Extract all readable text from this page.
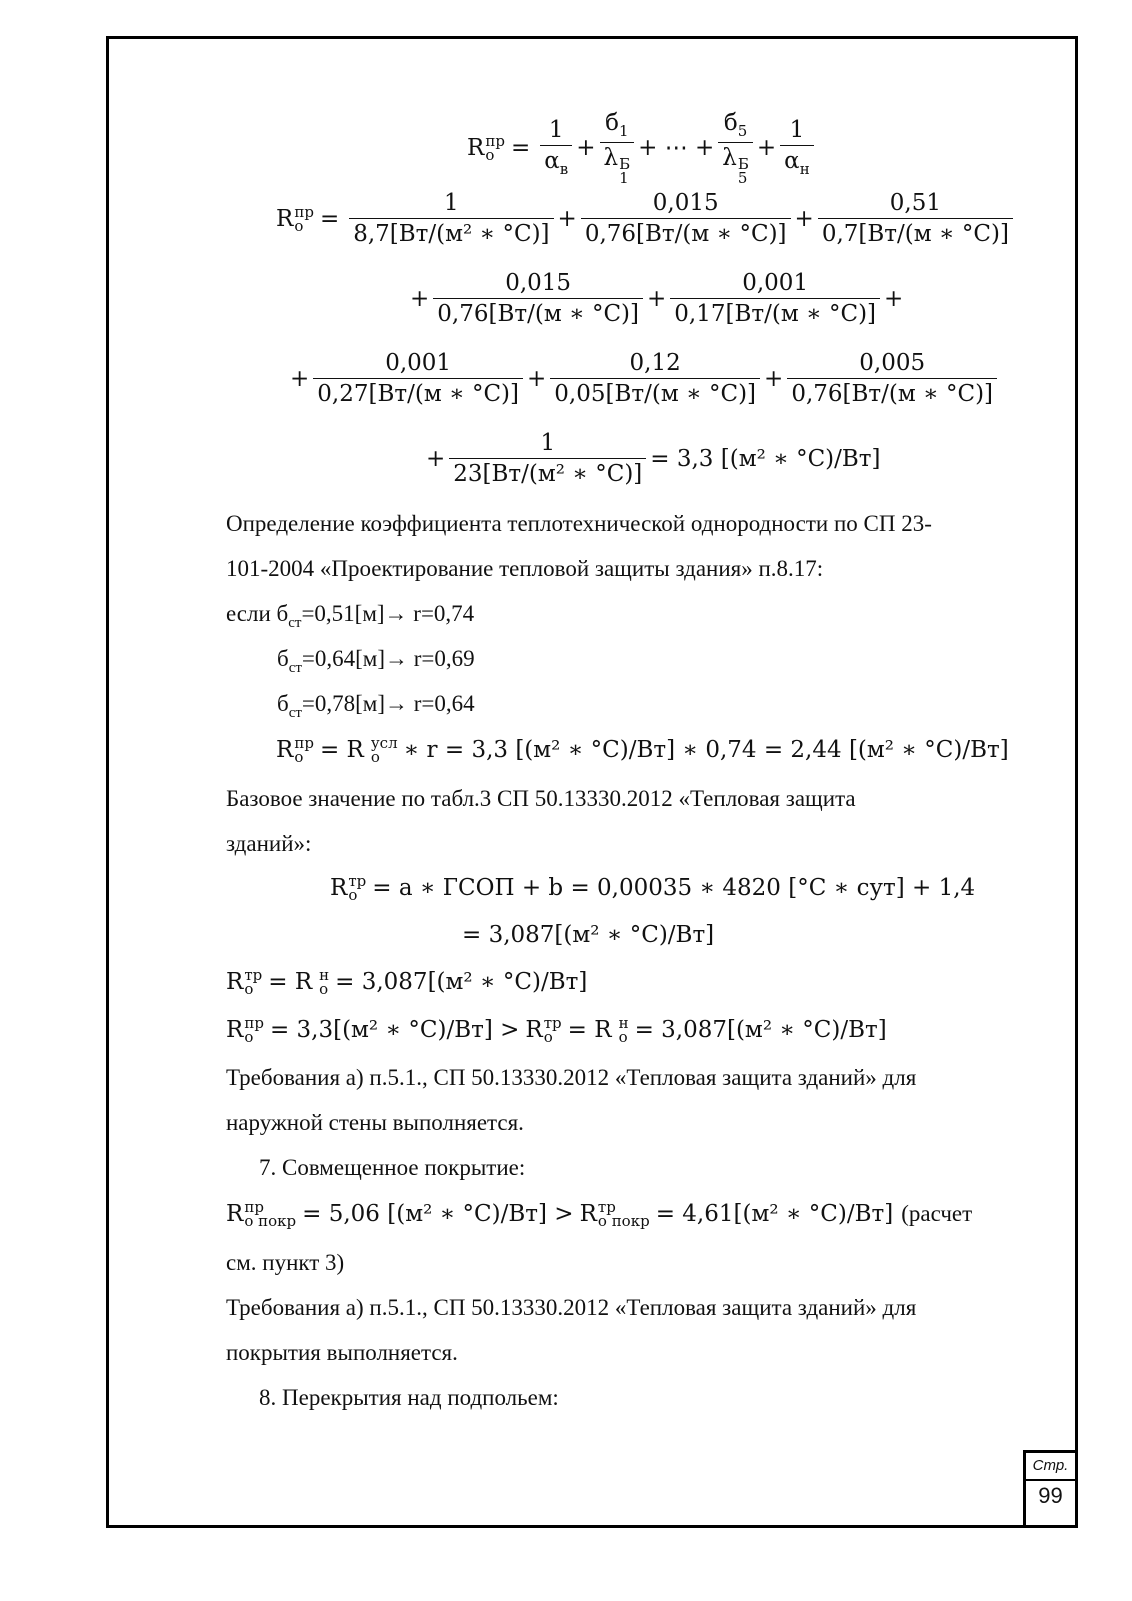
R пр
$о = \frac{1}{\alpha_в} + б_1$
λ Б
1 + ⋯ + $б_5$
λ Б
$5 + \frac{1}{\alpha_н}$
R пр
$о = \frac{1}{\text{8,7[Вт/(м² ∗ °С)]}} + \frac{0,015}{0,76[Вт/(м ∗ ^\circ С)]} + \frac{0,51}{0,7[Вт/(м ∗ ^\circ С)]}$
+ $\frac{0,015}{0,76[Вт/(м ∗ ^\circ С)]} + \frac{0,001}{0,17[Вт/(м ∗ ^\circ С)]}$ +
+ $\frac{0,001}{0,27[Вт/(м ∗ ^\circ С)]} + \frac{0,12}{0,05[Вт/(м ∗ ^\circ С)]} + \frac{0,005}{0,76[Вт/(м ∗ ^\circ С)]}$
+ $\frac{1}{\text{23[Вт/(м² ∗ °С)]}} = 3,3$ [(м² ∗ °С)/Вт]
Определение коэффициента теплотехнической однородности по СП 23-
101-2004 «Проектирование тепловой защиты здания» п.8.17:
если $б_{ст}=0,51[м]\to r=0,74$
$б_{ст}=0,64[м]\to r=0,69$
$б_{ст}=0,78[м]\to r=0,64$
R пр
о = R усл
о	∗ r = 3,3 [(м² ∗ °С)/Вт] ∗ 0,74 = 2,44 [(м² ∗ °С)/Вт]
Базовое значение по табл.3 СП 50.13330.2012 «Тепловая защита
зданий»:
R тр
о = a ∗ ГСОП + b = 0,00035 ∗ 4820 [°С ∗ сут] + 1,4
= 3,087[(м² ∗ °С)/Вт]
R тр
о = R н
о = 3,087[(м² ∗ °С)/Вт]
R пр
о = 3,3[(м² ∗ °С)/Вт] > R тр
о = R н
о = 3,087[(м² ∗ °С)/Вт]
Требования а) п.5.1., СП 50.13330.2012 «Тепловая защита зданий» для
наружной стены выполняется.
7. Совмещенное покрытие:
R пр
о покр = 5,06 [(м² ∗ °С)/Вт] > R тр
о покр = 4,61[(м² ∗ °С)/Вт] (расчет
см. пункт 3)
Требования а) п.5.1., СП 50.13330.2012 «Тепловая защита зданий» для
покрытия выполняется.
8. Перекрытия над подпольем:
Стр.
99
